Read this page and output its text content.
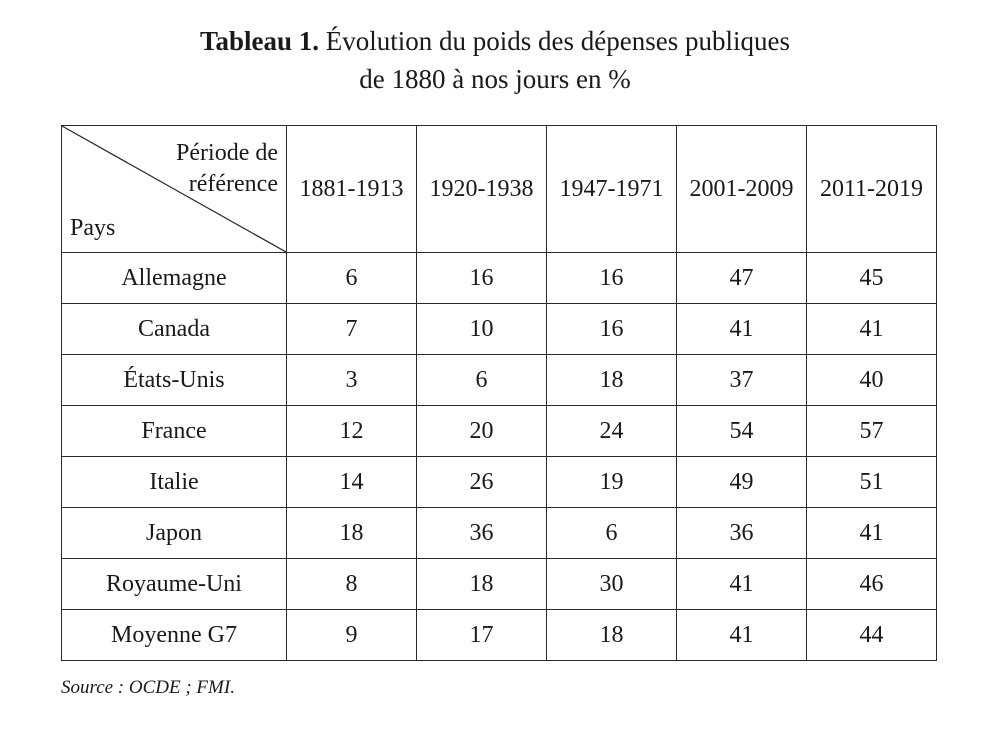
Tableau 1. Évolution du poids des dépenses publiques
de 1880 à nos jours en %
Période de
référence
Pays	1881-1913	1920-1938	1947-1971	2001-2009	2011-2019
Allemagne	6	16	16	47	45
Canada	7	10	16	41	41
États-Unis	3	6	18	37	40
France	12	20	24	54	57
Italie	14	26	19	49	51
Japon	18	36	6	36	41
Royaume-Uni	8	18	30	41	46
Moyenne G7	9	17	18	41	44
Source : OCDE ; FMI.
